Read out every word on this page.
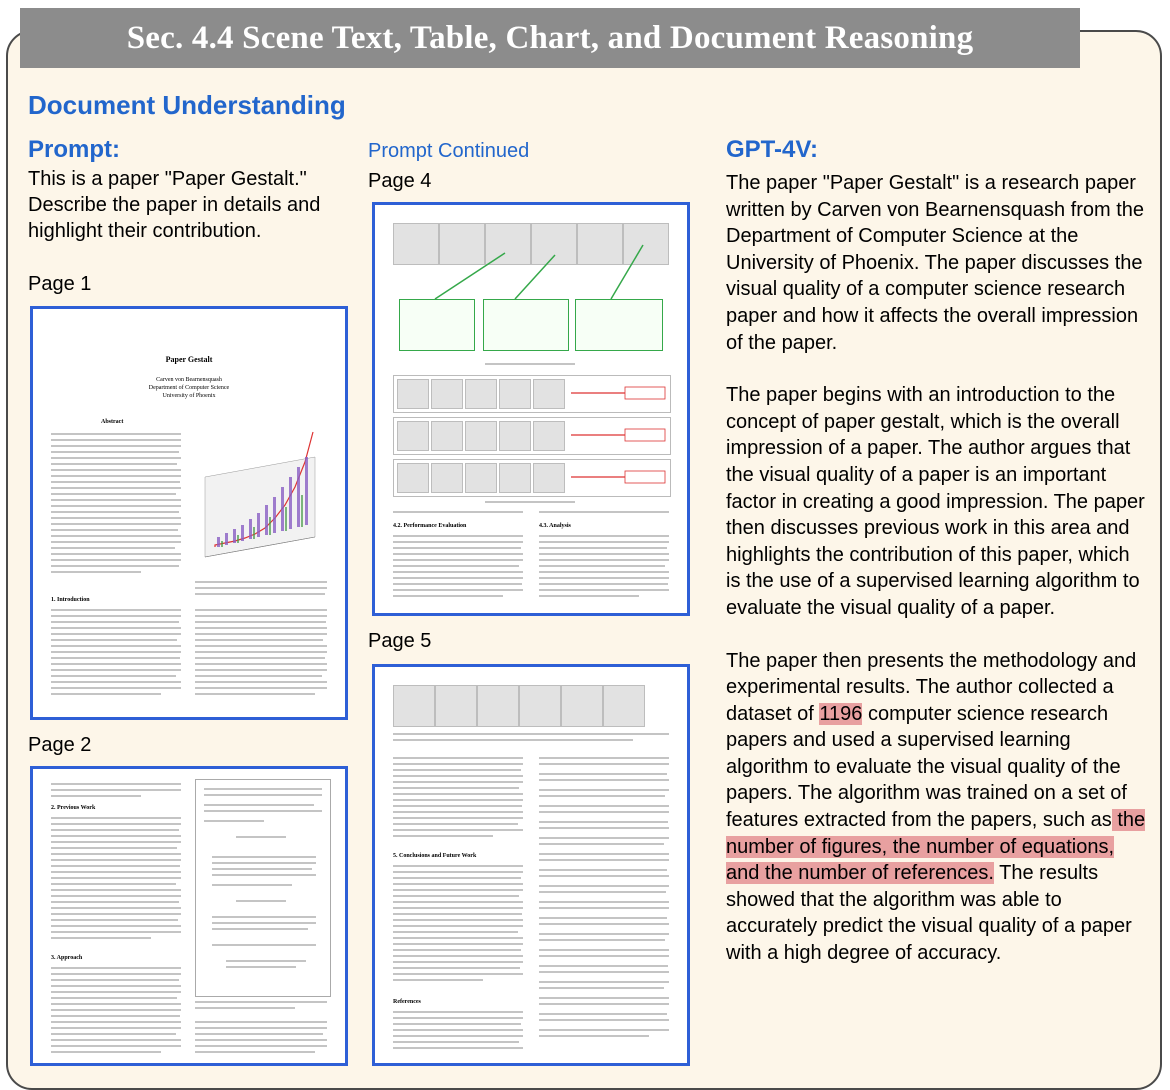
Sec. 4.4 Scene Text, Table, Chart, and Document Reasoning
Document Understanding
Prompt:
This is a paper "Paper Gestalt." Describe the paper in details and highlight their contribution.
Page 1
Paper Gestalt
Carven von Bearnensquash
Department of Computer Science
University of Phoenix
Abstract
1. Introduction
Page 2
2. Previous Work
3. Approach
Prompt Continued
Page 4
4.2. Performance Evaluation	4.3. Analysis
Page 5
5. Conclusions and Future Work
References
GPT-4V:

The paper "Paper Gestalt" is a research paper written by Carven von Bearnensquash from the Department of Computer Science at the University of Phoenix. The paper discusses the visual quality of a computer science research paper and how it affects the overall impression of the paper.

The paper begins with an introduction to the concept of paper gestalt, which is the overall impression of a paper. The author argues that the visual quality of a paper is an important factor in creating a good impression. The paper then discusses previous work in this area and highlights the contribution of this paper, which is the use of a supervised learning algorithm to evaluate the visual quality of a paper.

The paper then presents the methodology and experimental results. The author collected a dataset of 1196 computer science research papers and used a supervised learning algorithm to evaluate the visual quality of the papers. The algorithm was trained on a set of features extracted from the papers, such as the number of figures, the number of equations, and the number of references. The results showed that the algorithm was able to accurately predict the visual quality of a paper with a high degree of accuracy.
